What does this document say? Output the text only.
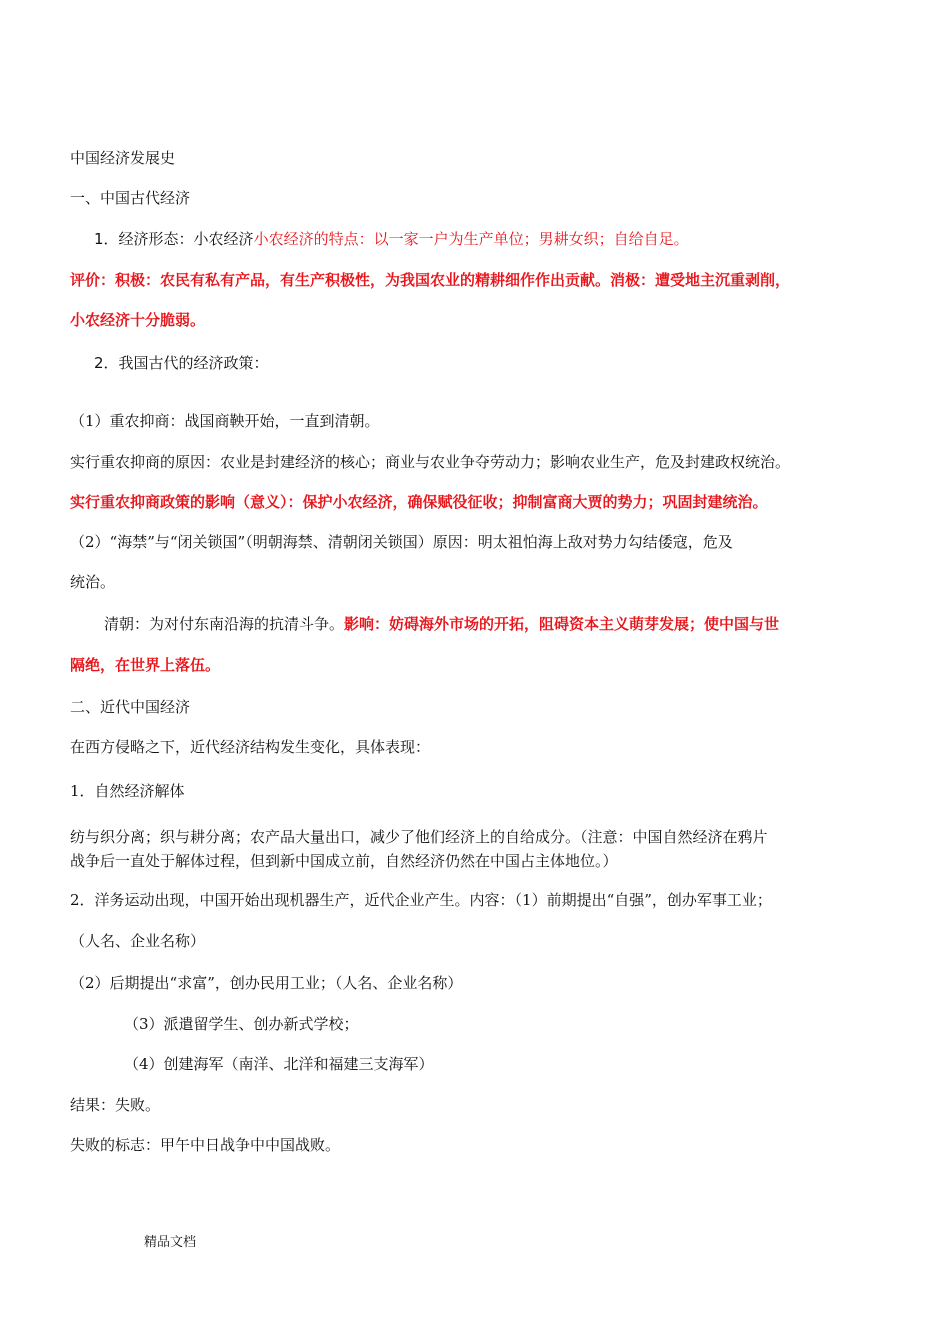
中国经济发展史
一、中国古代经济
1．经济形态：小农经济小农经济的特点：以一家一户为生产单位；男耕女织；自给自足。
评价：积极：农民有私有产品，有生产积极性，为我国农业的精耕细作作出贡献。消极：遭受地主沉重剥削，
小农经济十分脆弱。
2．我国古代的经济政策：
（1）重农抑商：战国商鞅开始，一直到清朝。
实行重农抑商的原因：农业是封建经济的核心；商业与农业争夺劳动力；影响农业生产，危及封建政权统治。
实行重农抑商政策的影响（意义）：保护小农经济，确保赋役征收；抑制富商大贾的势力；巩固封建统治。
（2）“海禁”与“闭关锁国”（明朝海禁、清朝闭关锁国）原因：明太祖怕海上敌对势力勾结倭寇，危及
统治。
清朝：为对付东南沿海的抗清斗争。影响：妨碍海外市场的开拓，阻碍资本主义萌芽发展；使中国与世
隔绝，在世界上落伍。
二、近代中国经济
在西方侵略之下，近代经济结构发生变化，具体表现：
1．自然经济解体
纺与织分离；织与耕分离；农产品大量出口，减少了他们经济上的自给成分。（注意：中国自然经济在鸦片
战争后一直处于解体过程，但到新中国成立前，自然经济仍然在中国占主体地位。）
2．洋务运动出现，中国开始出现机器生产，近代企业产生。内容：（1）前期提出“自强”，创办军事工业；
（人名、企业名称）
（2）后期提出“求富”，创办民用工业；（人名、企业名称）
（3）派遣留学生、创办新式学校；
（4）创建海军（南洋、北洋和福建三支海军）
结果：失败。
失败的标志：甲午中日战争中中国战败。
精品文档
